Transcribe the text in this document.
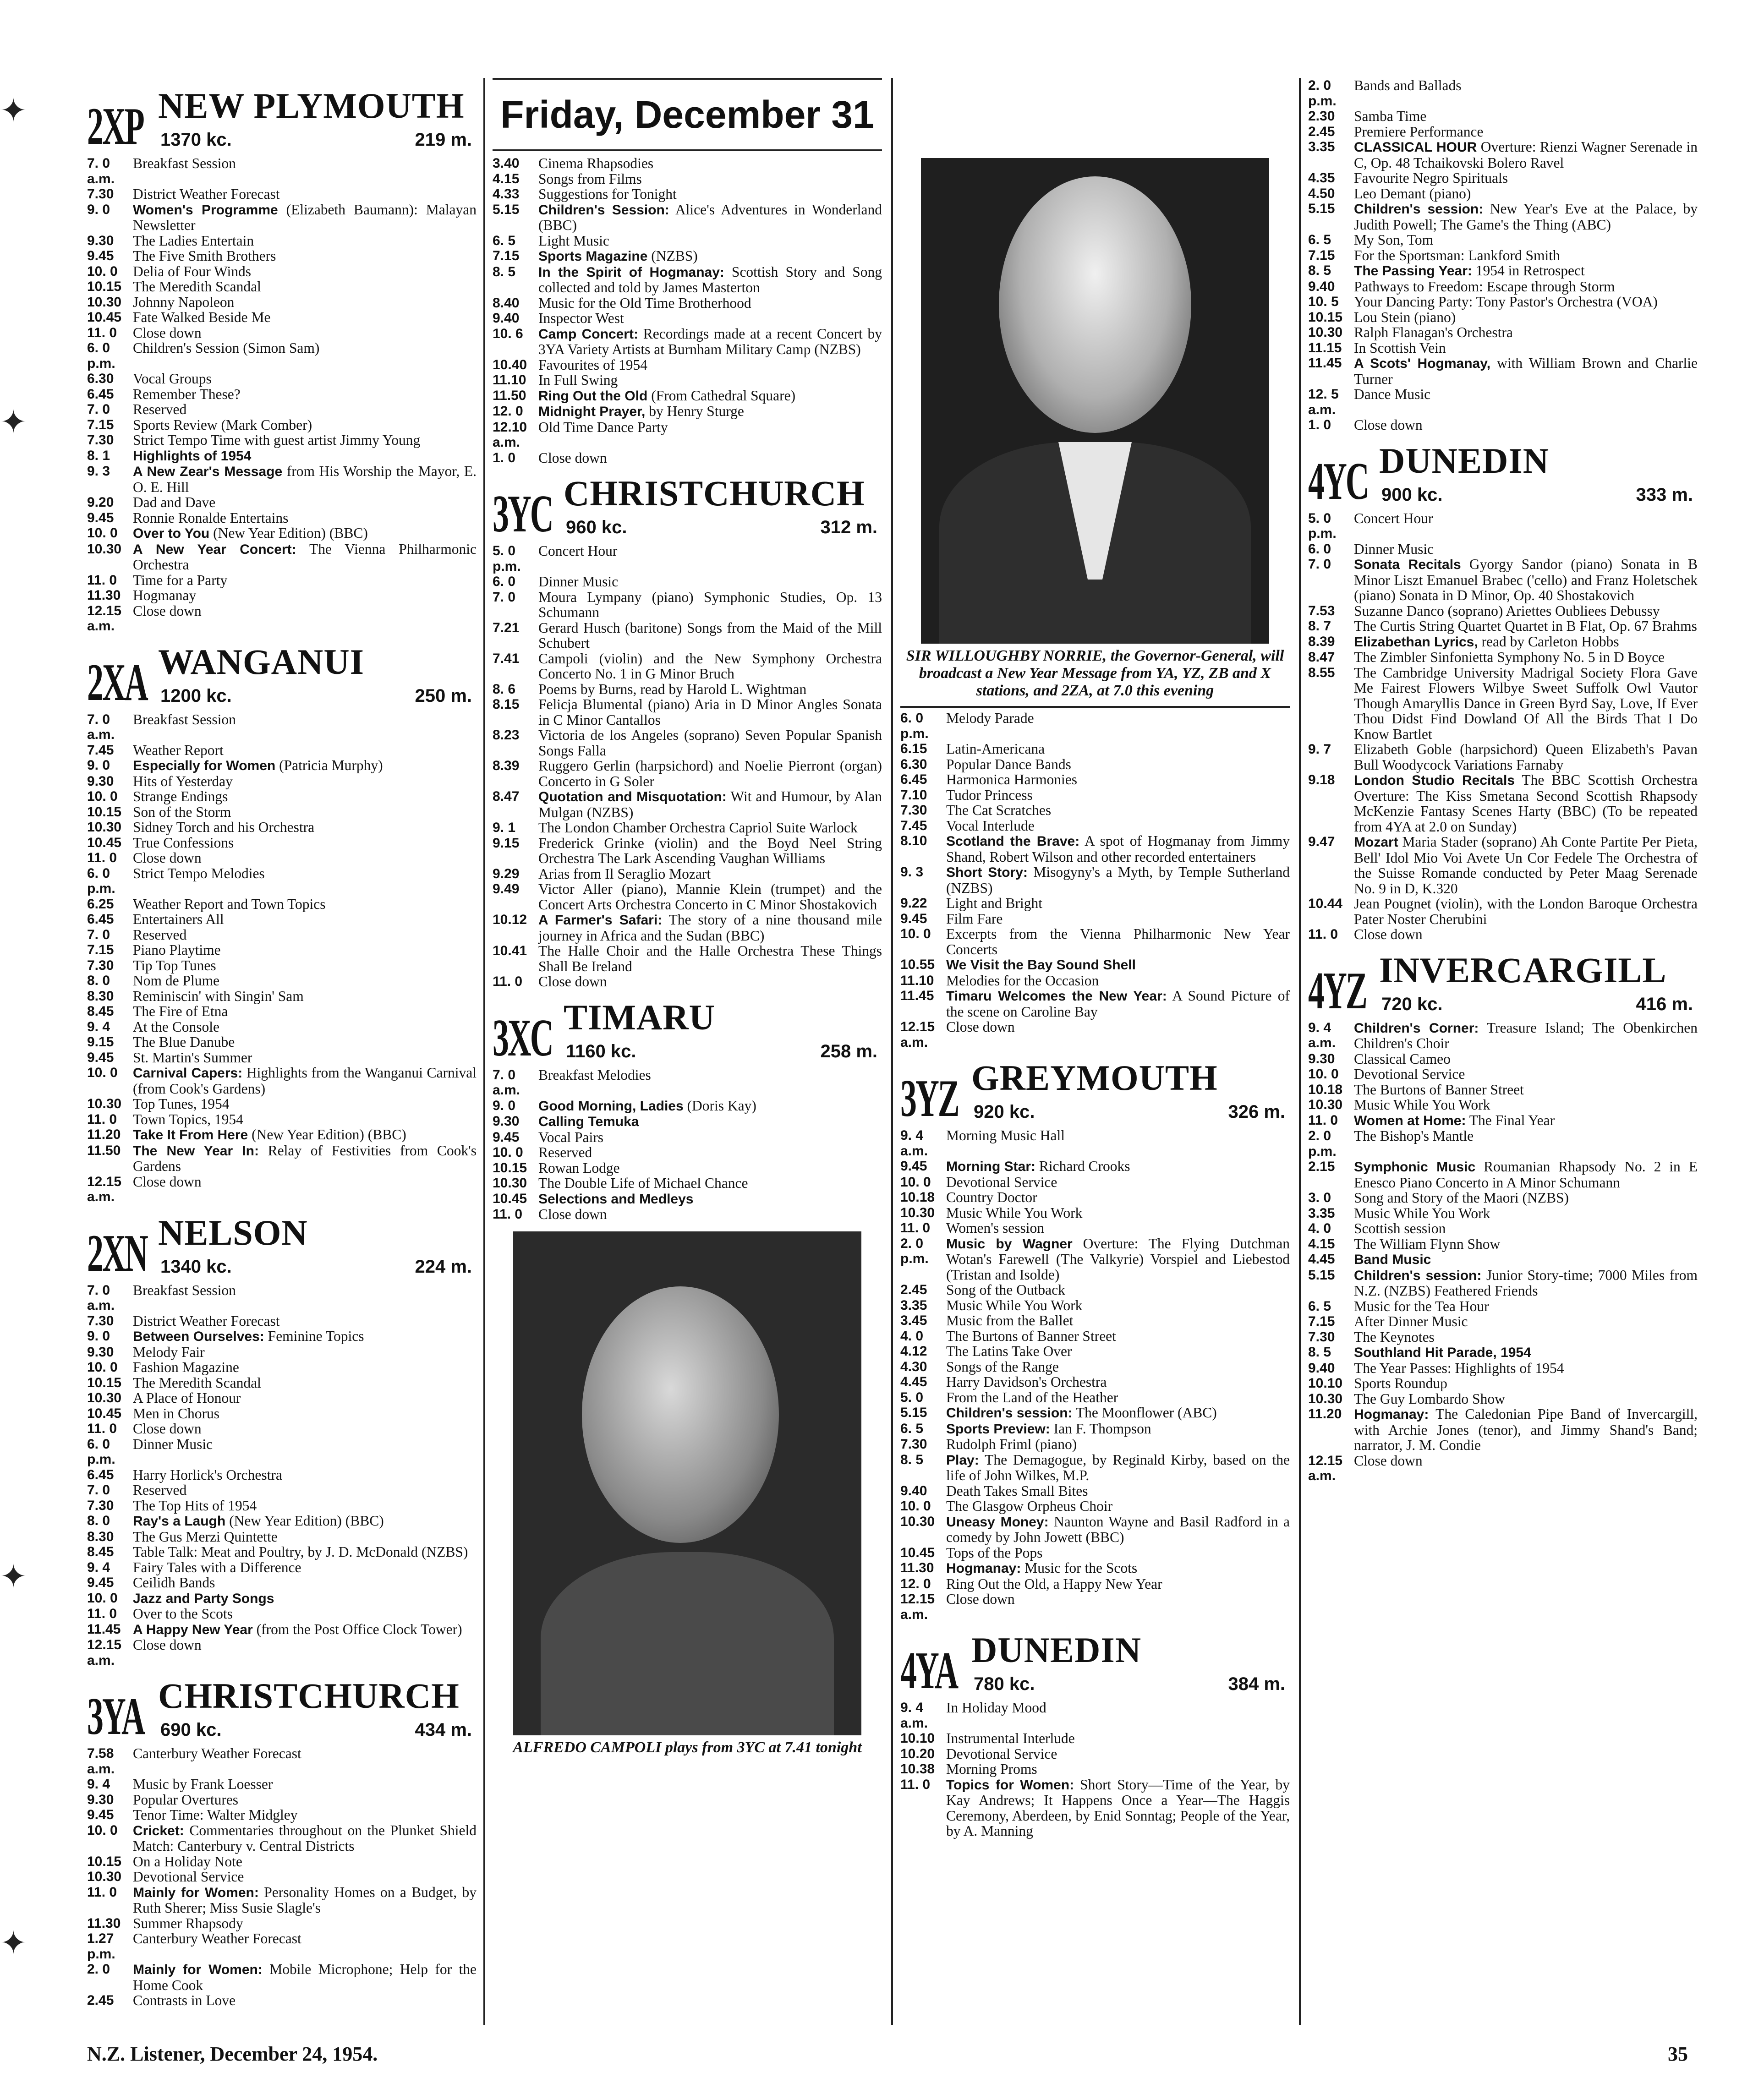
✦
✦
✦
✦
2XP NEW PLYMOUTH
1370 kc.	219 m.
7. 0 a.m.
Breakfast Session
7.30	District Weather Forecast
9. 0	Women's Programme (Elizabeth Baumann): Malayan Newsletter
9.30	The Ladies Entertain
9.45	The Five Smith Brothers
10. 0	Delia of Four Winds
10.15 The Meredith Scandal
10.30 Johnny Napoleon
10.45 Fate Walked Beside Me
11. 0	Close down
6. 0 p.m.
Children's Session (Simon Sam)
6.30	Vocal Groups
6.45	Remember These?
7. 0	Reserved
7.15	Sports Review (Mark Comber)
7.30	Strict Tempo Time with guest artist Jimmy Young
8. 1	Highlights of 1954
9. 3	A New Zear's Message from His Worship the Mayor, E. O. E. Hill
9.20	Dad and Dave
9.45	Ronnie Ronalde Entertains
10. 0	Over to You (New Year Edition) (BBC)
10.30 A New Year Concert: The Vienna Philharmonic Orchestra
11. 0	Time for a Party
11.30 Hogmanay
12.15 a.m.
Close down
2XA WANGANUI
1200 kc.	250 m.
7. 0 a.m.
Breakfast Session
7.45	Weather Report
9. 0	Especially for Women (Patricia Murphy)
9.30	Hits of Yesterday
10. 0	Strange Endings
10.15 Son of the Storm
10.30 Sidney Torch and his Orchestra
10.45 True Confessions
11. 0	Close down
6. 0 p.m.
Strict Tempo Melodies
6.25	Weather Report and Town Topics
6.45	Entertainers All
7. 0	Reserved
7.15	Piano Playtime
7.30	Tip Top Tunes
8. 0	Nom de Plume
8.30	Reminiscin' with Singin' Sam
8.45	The Fire of Etna
9. 4	At the Console
9.15	The Blue Danube
9.45	St. Martin's Summer
10. 0	Carnival Capers: Highlights from the Wanganui Carnival (from Cook's Gardens)
10.30 Top Tunes, 1954
11. 0	Town Topics, 1954
11.20 Take It From Here (New Year Edition) (BBC)
11.50 The New Year In: Relay of Festivities from Cook's Gardens
12.15 a.m.
Close down
2XN NELSON
1340 kc.	224 m.
7. 0 a.m.
Breakfast Session
7.30	District Weather Forecast
9. 0	Between Ourselves: Feminine Topics
9.30	Melody Fair
10. 0	Fashion Magazine
10.15 The Meredith Scandal
10.30 A Place of Honour
10.45 Men in Chorus
11. 0	Close down
6. 0 p.m.
Dinner Music
6.45	Harry Horlick's Orchestra
7. 0	Reserved
7.30	The Top Hits of 1954
8. 0	Ray's a Laugh (New Year Edition) (BBC)
8.30	The Gus Merzi Quintette
8.45	Table Talk: Meat and Poultry, by J. D. McDonald (NZBS)
9. 4	Fairy Tales with a Difference
9.45	Ceilidh Bands
10. 0	Jazz and Party Songs
11. 0	Over to the Scots
11.45 A Happy New Year (from the Post Office Clock Tower)
12.15 a.m.
Close down
3YA CHRISTCHURCH
690 kc.	434 m.
7.58 a.m.
Canterbury Weather Forecast
9. 4	Music by Frank Loesser
9.30	Popular Overtures
9.45	Tenor Time: Walter Midgley
10. 0	Cricket: Commentaries throughout on the Plunket Shield Match: Canterbury v. Central Districts
10.15 On a Holiday Note
10.30 Devotional Service
11. 0	Mainly for Women: Personality Homes on a Budget, by Ruth Sherer; Miss Susie Slagle's
11.30 Summer Rhapsody
1.27 p.m.
Canterbury Weather Forecast
2. 0	Mainly for Women: Mobile Microphone; Help for the Home Cook
2.45	Contrasts in Love
Friday, December 31
3.40	Cinema Rhapsodies
4.15	Songs from Films
4.33	Suggestions for Tonight
5.15	Children's Session: Alice's Adventures in Wonderland (BBC)
6. 5	Light Music
7.15	Sports Magazine (NZBS)
8. 5	In the Spirit of Hogmanay: Scottish Story and Song collected and told by James Masterton
8.40	Music for the Old Time Brotherhood
9.40	Inspector West
10. 6	Camp Concert: Recordings made at a recent Concert by 3YA Variety Artists at Burnham Military Camp (NZBS)
10.40 Favourites of 1954
11.10 In Full Swing
11.50 Ring Out the Old (From Cathedral Square)
12. 0	Midnight Prayer, by Henry Sturge
12.10 a.m.
Old Time Dance Party
1. 0	Close down
3YC CHRISTCHURCH
960 kc.	312 m.
5. 0 p.m.
Concert Hour
6. 0	Dinner Music
7. 0	Moura Lympany (piano) Symphonic Studies, Op. 13 Schumann
7.21	Gerard Husch (baritone) Songs from the Maid of the Mill Schubert
7.41	Campoli (violin) and the New Symphony Orchestra Concerto No. 1 in G Minor Bruch
8. 6	Poems by Burns, read by Harold L. Wightman
8.15	Felicja Blumental (piano) Aria in D Minor Angles Sonata in C Minor Cantallos
8.23	Victoria de los Angeles (soprano) Seven Popular Spanish Songs Falla
8.39	Ruggero Gerlin (harpsichord) and Noelie Pierront (organ) Concerto in G Soler
8.47	Quotation and Misquotation: Wit and Humour, by Alan Mulgan (NZBS)
9. 1	The London Chamber Orchestra Capriol Suite Warlock
9.15	Frederick Grinke (violin) and the Boyd Neel String Orchestra The Lark Ascending Vaughan Williams
9.29	Arias from Il Seraglio Mozart
9.49	Victor Aller (piano), Mannie Klein (trumpet) and the Concert Arts Orchestra Concerto in C Minor Shostakovich
10.12 A Farmer's Safari: The story of a nine thousand mile journey in Africa and the Sudan (BBC)
10.41 The Halle Choir and the Halle Orchestra These Things Shall Be Ireland
11. 0	Close down
3XC TIMARU
1160 kc.	258 m.
7. 0 a.m.
Breakfast Melodies
9. 0	Good Morning, Ladies (Doris Kay)
9.30	Calling Temuka
9.45	Vocal Pairs
10. 0	Reserved
10.15 Rowan Lodge
10.30 The Double Life of Michael Chance
10.45 Selections and Medleys
11. 0	Close down
ALFREDO CAMPOLI plays from 3YC at 7.41 tonight
SIR WILLOUGHBY NORRIE, the Governor-General, will broadcast a New Year Message from YA, YZ, ZB and X stations, and 2ZA, at 7.0 this evening
6. 0 p.m.
Melody Parade
6.15	Latin-Americana
6.30	Popular Dance Bands
6.45	Harmonica Harmonies
7.10	Tudor Princess
7.30	The Cat Scratches
7.45	Vocal Interlude
8.10	Scotland the Brave: A spot of Hogmanay from Jimmy Shand, Robert Wilson and other recorded entertainers
9. 3	Short Story: Misogyny's a Myth, by Temple Sutherland (NZBS)
9.22	Light and Bright
9.45	Film Fare
10. 0	Excerpts from the Vienna Philharmonic New Year Concerts
10.55 We Visit the Bay Sound Shell
11.10 Melodies for the Occasion
11.45 Timaru Welcomes the New Year: A Sound Picture of the scene on Caroline Bay
12.15 a.m.
Close down
3YZ GREYMOUTH
920 kc.	326 m.
9. 4 a.m.
Morning Music Hall
9.45	Morning Star: Richard Crooks
10. 0	Devotional Service
10.18 Country Doctor
10.30 Music While You Work
11. 0	Women's session
2. 0 p.m.
Music by Wagner Overture: The Flying Dutchman Wotan's Farewell (The Valkyrie) Vorspiel and Liebestod (Tristan and Isolde)
2.45	Song of the Outback
3.35	Music While You Work
3.45	Music from the Ballet
4. 0	The Burtons of Banner Street
4.12	The Latins Take Over
4.30	Songs of the Range
4.45	Harry Davidson's Orchestra
5. 0	From the Land of the Heather
5.15	Children's session: The Moonflower (ABC)
6. 5	Sports Preview: Ian F. Thompson
7.30	Rudolph Friml (piano)
8. 5	Play: The Demagogue, by Reginald Kirby, based on the life of John Wilkes, M.P.
9.40	Death Takes Small Bites
10. 0	The Glasgow Orpheus Choir
10.30 Uneasy Money: Naunton Wayne and Basil Radford in a comedy by John Jowett (BBC)
10.45 Tops of the Pops
11.30 Hogmanay: Music for the Scots
12. 0	Ring Out the Old, a Happy New Year
12.15 a.m.
Close down
4YA DUNEDIN
780 kc.	384 m.
9. 4 a.m.
In Holiday Mood
10.10 Instrumental Interlude
10.20 Devotional Service
10.38 Morning Proms
11. 0	Topics for Women: Short Story—Time of the Year, by Kay Andrews; It Happens Once a Year—The Haggis Ceremony, Aberdeen, by Enid Sonntag; People of the Year, by A. Manning
2. 0 p.m.
Bands and Ballads
2.30	Samba Time
2.45	Premiere Performance
3.35	CLASSICAL HOUR Overture: Rienzi Wagner Serenade in C, Op. 48 Tchaikovski Bolero Ravel
4.35	Favourite Negro Spirituals
4.50	Leo Demant (piano)
5.15	Children's session: New Year's Eve at the Palace, by Judith Powell; The Game's the Thing (ABC)
6. 5	My Son, Tom
7.15	For the Sportsman: Lankford Smith
8. 5	The Passing Year: 1954 in Retrospect
9.40	Pathways to Freedom: Escape through Storm
10. 5	Your Dancing Party: Tony Pastor's Orchestra (VOA)
10.15 Lou Stein (piano)
10.30 Ralph Flanagan's Orchestra
11.15 In Scottish Vein
11.45 A Scots' Hogmanay, with William Brown and Charlie Turner
12. 5 a.m.
Dance Music
1. 0	Close down
4YC DUNEDIN
900 kc.	333 m.
5. 0 p.m.
Concert Hour
6. 0	Dinner Music
7. 0	Sonata Recitals Gyorgy Sandor (piano) Sonata in B Minor Liszt Emanuel Brabec ('cello) and Franz Holetschek (piano) Sonata in D Minor, Op. 40 Shostakovich
7.53	Suzanne Danco (soprano) Ariettes Oubliees Debussy
8. 7	The Curtis String Quartet Quartet in B Flat, Op. 67 Brahms
8.39	Elizabethan Lyrics, read by Carleton Hobbs
8.47	The Zimbler Sinfonietta Symphony No. 5 in D Boyce
8.55	The Cambridge University Madrigal Society Flora Gave Me Fairest Flowers Wilbye Sweet Suffolk Owl Vautor Though Amaryllis Dance in Green Byrd Say, Love, If Ever Thou Didst Find Dowland Of All the Birds That I Do Know Bartlet
9. 7	Elizabeth Goble (harpsichord) Queen Elizabeth's Pavan Bull Woodycock Variations Farnaby
9.18	London Studio Recitals The BBC Scottish Orchestra Overture: The Kiss Smetana Second Scottish Rhapsody McKenzie Fantasy Scenes Harty (BBC) (To be repeated from 4YA at 2.0 on Sunday)
9.47	Mozart Maria Stader (soprano) Ah Conte Partite Per Pieta, Bell' Idol Mio Voi Avete Un Cor Fedele The Orchestra of the Suisse Romande conducted by Peter Maag Serenade No. 9 in D, K.320
10.44 Jean Pougnet (violin), with the London Baroque Orchestra Pater Noster Cherubini
11. 0	Close down
4YZ INVERCARGILL
720 kc.	416 m.
9. 4 a.m.
Children's Corner: Treasure Island; The Obenkirchen Children's Choir
9.30	Classical Cameo
10. 0	Devotional Service
10.18 The Burtons of Banner Street
10.30 Music While You Work
11. 0	Women at Home: The Final Year
2. 0 p.m.
The Bishop's Mantle
2.15	Symphonic Music Roumanian Rhapsody No. 2 in E Enesco Piano Concerto in A Minor Schumann
3. 0	Song and Story of the Maori (NZBS)
3.35	Music While You Work
4. 0	Scottish session
4.15	The William Flynn Show
4.45	Band Music
5.15	Children's session: Junior Story-time; 7000 Miles from N.Z. (NZBS) Feathered Friends
6. 5	Music for the Tea Hour
7.15	After Dinner Music
7.30	The Keynotes
8. 5	Southland Hit Parade, 1954
9.40	The Year Passes: Highlights of 1954
10.10 Sports Roundup
10.30 The Guy Lombardo Show
11.20 Hogmanay: The Caledonian Pipe Band of Invercargill, with Archie Jones (tenor), and Jimmy Shand's Band; narrator, J. M. Condie
12.15 a.m.
Close down
N.Z. Listener, December 24, 1954.	35
